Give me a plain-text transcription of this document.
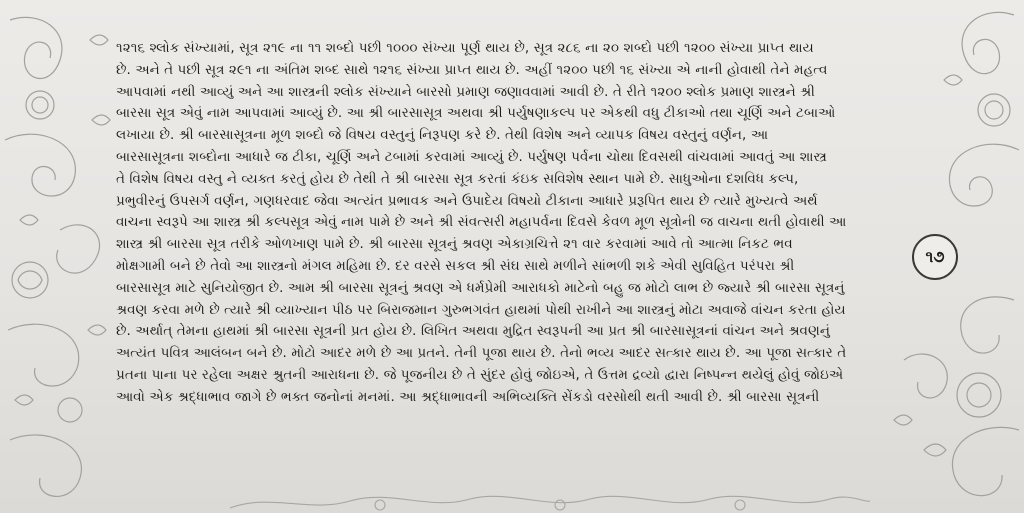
૧૨૧૬ શ્લોક સંખ્યામાં, સૂત્ર ૨૧૯ ના ૧૧ શબ્દો પછી ૧૦૦૦ સંખ્યા પૂર્ણ થાય છે, સૂત્ર ૨૮૬ ના ૨૦ શબ્દો પછી ૧૨૦૦ સંખ્યા પ્રાપ્ત થાય
છે. અને તે પછી સૂત્ર ૨૯૧ ના અંતિમ શબ્દ સાથે ૧૨૧૬ સંખ્યા પ્રાપ્ત થાય છે. અહીં ૧૨૦૦ પછી ૧૬ સંખ્યા એ નાની હોવાથી તેને મહત્વ
આપવામાં નથી આવ્યું અને આ શાસ્ત્રની શ્લોક સંખ્યાને બારસો પ્રમાણ જણાવવામાં આવી છે. તે રીતે ૧૨૦૦ શ્લોક પ્રમાણ શાસ્ત્રને શ્રી
બારસા સૂત્ર એવું નામ આપવામાં આવ્યું છે. આ શ્રી બારસાસૂત્ર અથવા શ્રી પર્યુષણાકલ્પ પર એકથી વધુ ટીકાઓ તથા ચૂર્ણિ અને ટબાઓ
લખાયા છે. શ્રી બારસાસૂત્રના મૂળ શબ્દો જે વિષય વસ્તુનું નિરૂપણ કરે છે. તેથી વિશેષ અને વ્યાપક વિષય વસ્તુનું વર્ણન, આ
બારસાસૂત્રના શબ્દોના આધારે જ ટીકા, ચૂર્ણિ અને ટબામાં કરવામાં આવ્યું છે. પર્યુષણ પર્વના ચોથા દિવસથી વાંચવામાં આવતું આ શાસ્ત્ર
તે વિશેષ વિષય વસ્તુ ને વ્યક્ત કરતું હોય છે તેથી તે શ્રી બારસા સૂત્ર કરતાં કંઇક સવિશેષ સ્થાન પામે છે. સાધુઓના દશવિધ કલ્પ,
પ્રભુવીરનું ઉપસર્ગ વર્ણન, ગણધરવાદ જેવા અત્યંત પ્રભાવક અને ઉપાદેય વિષયો ટીકાના આધારે પ્રરૂપિત થાય છે ત્યારે મુખ્યત્વે અર્થ
વાચના સ્વરૂપે આ શાસ્ત્ર શ્રી કલ્પસૂત્ર એવું નામ પામે છે અને શ્રી સંવત્સરી મહાપર્વના દિવસે કેવળ મૂળ સૂત્રોની જ વાચના થતી હોવાથી આ
શાસ્ત્ર શ્રી બારસા સૂત્ર તરીકે ઓળખાણ પામે છે. શ્રી બારસા સૂત્રનું શ્રવણ એકાગ્રચિત્તે ૨૧ વાર કરવામાં આવે તો આત્મા નિકટ ભવ
મોક્ષગામી બને છે તેવો આ શાસ્ત્રનો મંગલ મહિમા છે. દર વરસે સકલ શ્રી સંઘ સાથે મળીને સાંભળી શકે એવી સુવિહિત પરંપરા શ્રી
બારસાસૂત્ર માટે સુનિયોજીત છે. આમ શ્રી બારસા સૂત્રનું શ્રવણ એ ધર્મપ્રેમી આરાધકો માટેનો બહુ જ મોટો લાભ છે જ્યારે શ્રી બારસા સૂત્રનું
શ્રવણ કરવા મળે છે ત્યારે શ્રી વ્યાખ્યાન પીઠ પર બિરાજમાન ગુરુભગવંત હાથમાં પોથી રાખીને આ શાસ્ત્રનું મોટા અવાજે વાંચન કરતા હોય
છે. અર્થાત્ તેમના હાથમાં શ્રી બારસા સૂત્રની પ્રત હોય છે. લિખિત અથવા મુદ્રિત સ્વરૂપની આ પ્રત શ્રી બારસાસૂત્રનાં વાંચન અને શ્રવણનું
અત્યંત પવિત્ર આલંબન બને છે. મોટો આદર મળે છે આ પ્રતને. તેની પૂજા થાય છે. તેનો ભવ્ય આદર સત્કાર થાય છે. આ પૂજા સત્કાર તે
પ્રતના પાના પર રહેલા અક્ષર શ્રુતની આરાધના છે. જે પૂજનીય છે તે સુંદર હોવું જોઇએ, તે ઉત્તમ દ્રવ્યો દ્વારા નિષ્પન્ન થયેલું હોવું જોઇએ
આવો એક શ્રદ્ધાભાવ જાગે છે ભક્ત જનોનાં મનમાં. આ શ્રદ્ધાભાવની અભિવ્યક્તિ સેંકડો વરસોથી થતી આવી છે. શ્રી બારસા સૂત્રની
૧૭
